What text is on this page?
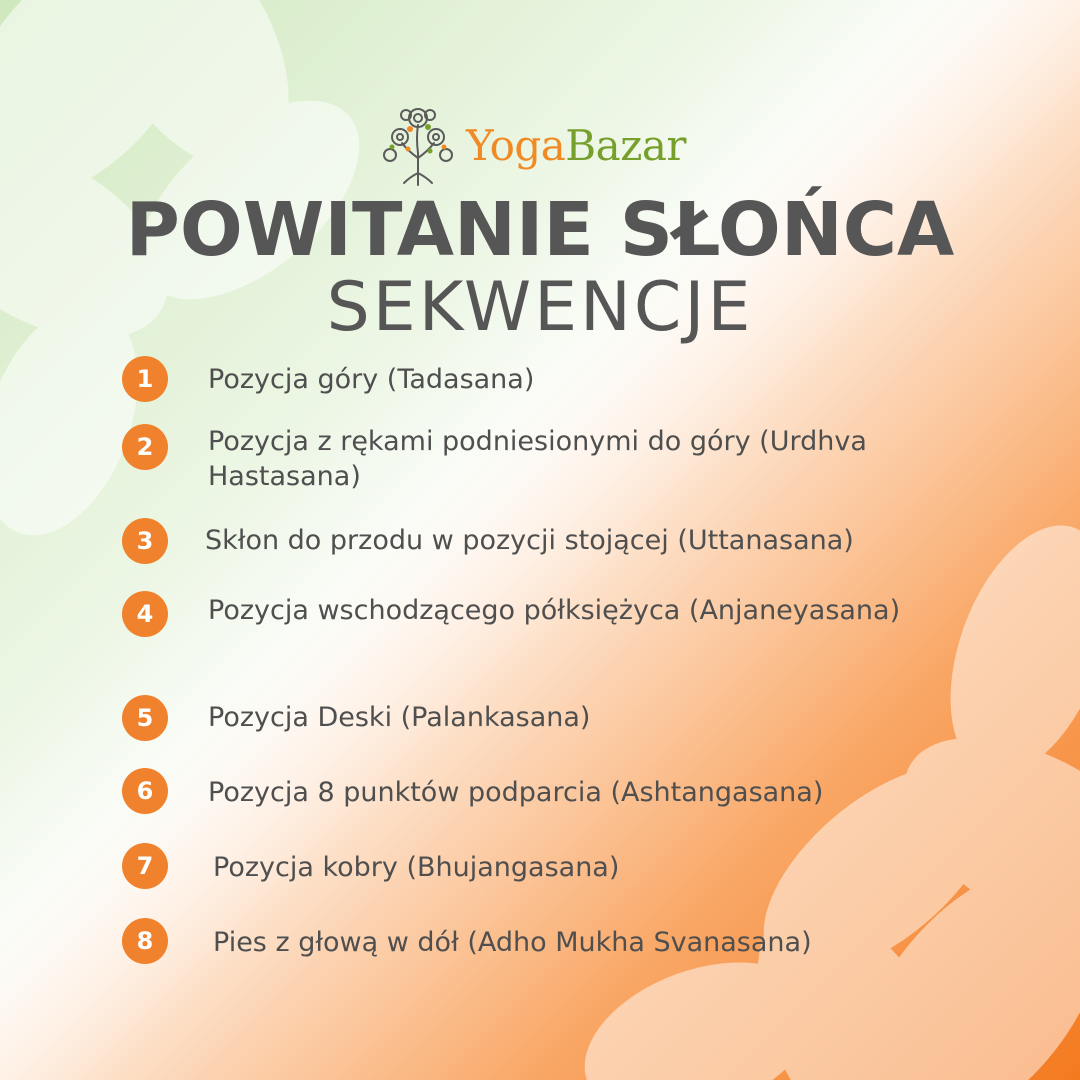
YogaBazar
POWITANIE SŁOŃCA
SEKWENCJE
1	Pozycja góry (Tadasana)
2	Pozycja z rękami podniesionymi do góry (Urdhva Hastasana)
3	Skłon do przodu w pozycji stojącej (Uttanasana)
4	Pozycja wschodzącego półksiężyca (Anjaneyasana)
5	Pozycja Deski (Palankasana)
6	Pozycja 8 punktów podparcia (Ashtangasana)
7	Pozycja kobry (Bhujangasana)
8	Pies z głową w dół (Adho Mukha Svanasana)
